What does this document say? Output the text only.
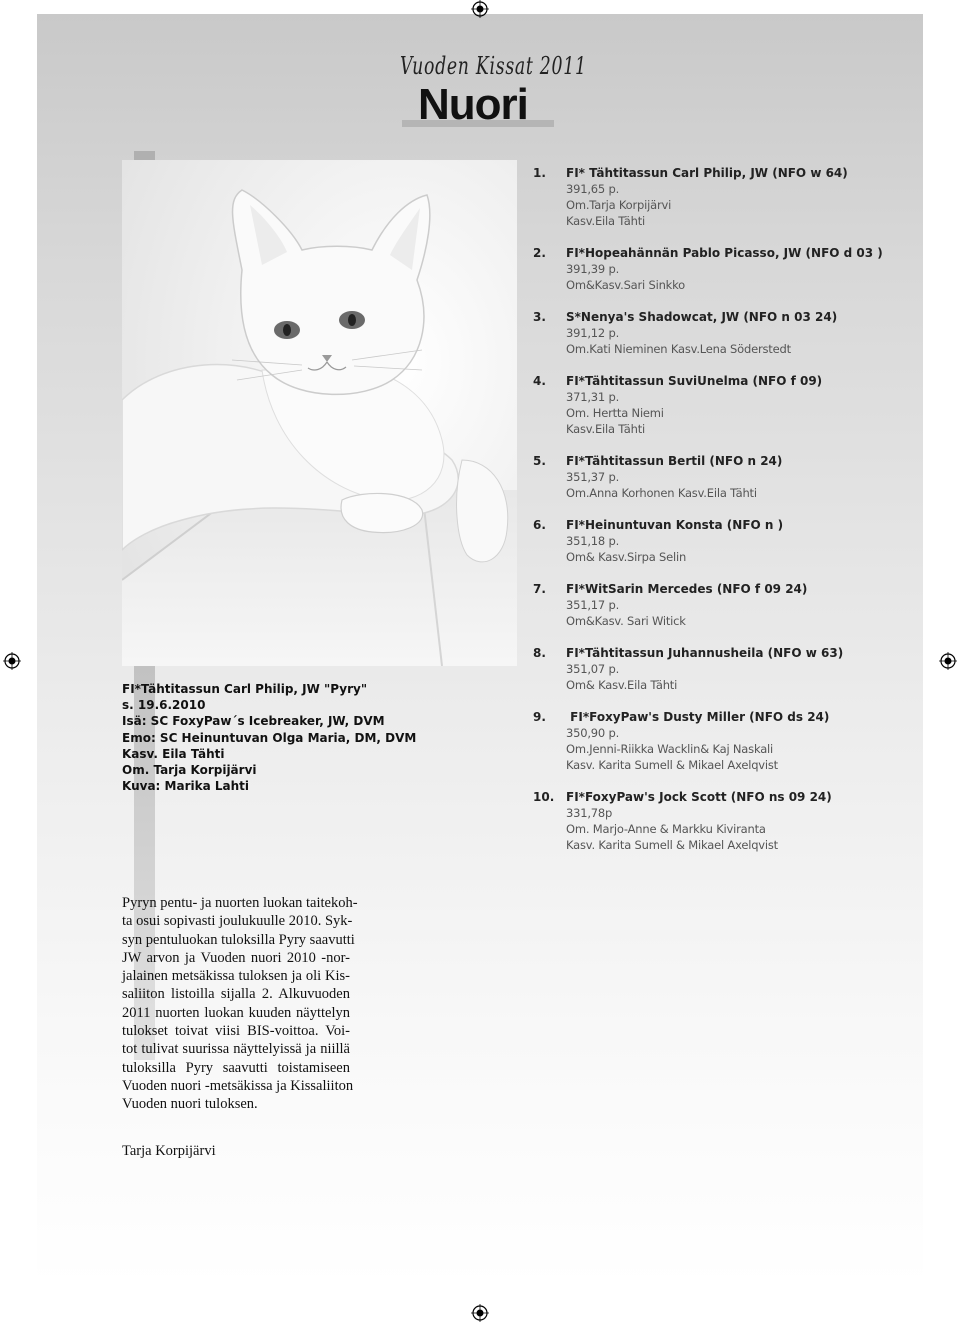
Vuoden Kissat 2011
Nuori
FI*Tähtitassun Carl Philip, JW "Pyry"
s. 19.6.2010
Isä: SC FoxyPaw´s Icebreaker, JW, DVM
Emo: SC Heinuntuvan Olga Maria, DM, DVM
Kasv. Eila Tähti
Om. Tarja Korpijärvi
Kuva: Marika Lahti
1. FI* Tähtitassun Carl Philip, JW (NFO w 64)
391,65 p.
Om.Tarja Korpijärvi
Kasv.Eila Tähti
2. FI*Hopeahännän Pablo Picasso, JW (NFO d 03 )
391,39 p.
Om&Kasv.Sari Sinkko
3. S*Nenya's Shadowcat, JW (NFO n 03 24)
391,12 p.
Om.Kati Nieminen Kasv.Lena Söderstedt
4. FI*Tähtitassun SuviUnelma (NFO f 09)
371,31 p.
Om. Hertta Niemi
Kasv.Eila Tähti
5. FI*Tähtitassun Bertil (NFO n 24)
351,37 p.
Om.Anna Korhonen Kasv.Eila Tähti
6. FI*Heinuntuvan Konsta (NFO n )
351,18 p.
Om& Kasv.Sirpa Selin
7. FI*WitSarin Mercedes (NFO f 09 24)
351,17 p.
Om&Kasv. Sari Witick
8. FI*Tähtitassun Juhannusheila (NFO w 63)
351,07 p.
Om& Kasv.Eila Tähti
9. FI*FoxyPaw's Dusty Miller (NFO ds 24)
350,90 p.
Om.Jenni-Riikka Wacklin& Kaj Naskali
Kasv. Karita Sumell & Mikael Axelqvist
10. FI*FoxyPaw's Jock Scott (NFO ns 09 24)
331,78p
Om. Marjo-Anne & Markku Kiviranta
Kasv. Karita Sumell & Mikael Axelqvist
Pyryn pentu- ja nuorten luokan taitekoh-
ta osui sopivasti joulukuulle 2010. Syk-
syn pentuluokan tuloksilla Pyry saavutti
JW arvon ja Vuoden nuori 2010 -nor-
jalainen metsäkissa tuloksen ja oli Kis-
saliiton listoilla sijalla 2. Alkuvuoden
2011 nuorten luokan kuuden näyttelyn
tulokset toivat viisi BIS-voittoa. Voi-
tot tulivat suurissa näyttelyissä ja niillä
tuloksilla Pyry saavutti toistamiseen
Vuoden nuori -metsäkissa ja Kissaliiton
Vuoden nuori tuloksen.
Tarja Korpijärvi
